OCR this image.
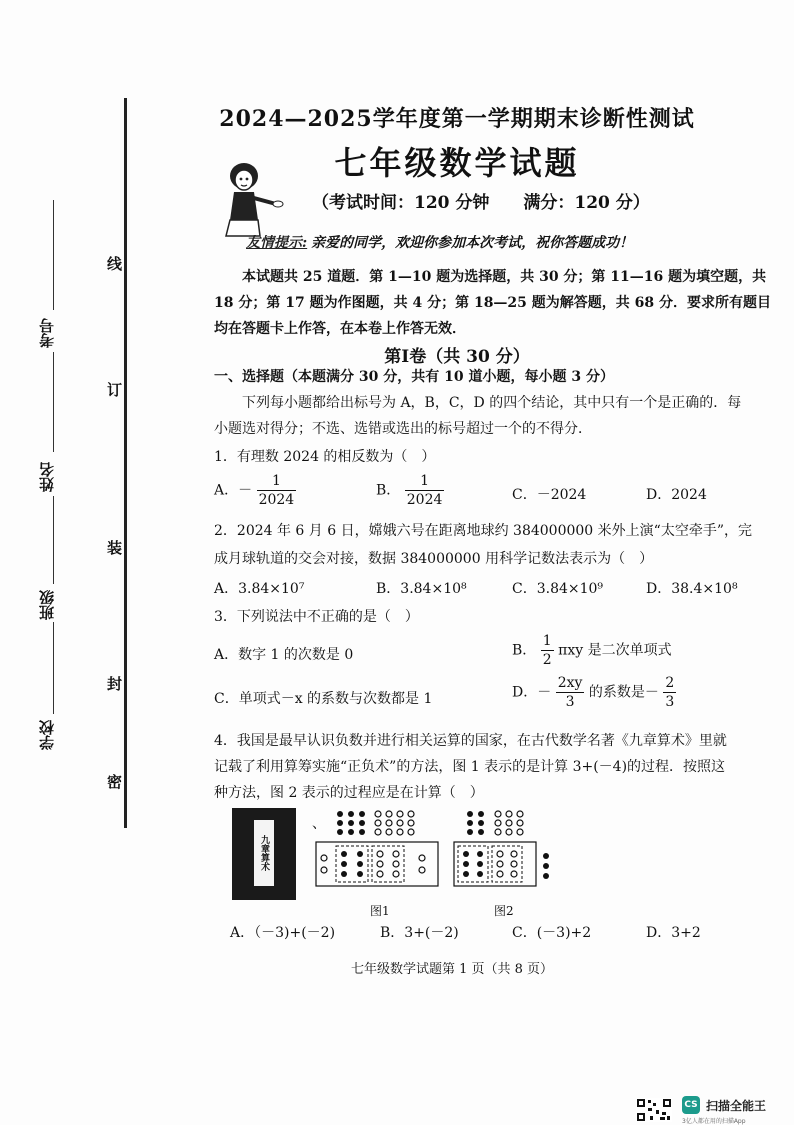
线
订
装
封
密
考号
姓名
班级
学校
2024—2025学年度第一学期期末诊断性测试
七年级数学试题
（考试时间：120 分钟　　满分：120 分）
友情提示: 亲爱的同学，欢迎你参加本次考试，祝你答题成功！
本试题共 25 道题．第 1—10 题为选择题，共 30 分；第 11—16 题为填空题，共
18 分；第 17 题为作图题，共 4 分；第 18—25 题为解答题，共 68 分．要求所有题目
均在答题卡上作答，在本卷上作答无效．
第Ⅰ卷（共 30 分）
一、选择题（本题满分 30 分，共有 10 道小题，每小题 3 分）
下列每小题都给出标号为 A，B，C，D 的四个结论，其中只有一个是正确的．每
小题选对得分；不选、选错或选出的标号超过一个的不得分．
1．有理数 2024 的相反数为（　）
A．－ $\frac{1}{2024}$	B． $\frac{1}{2024}$	C．－2024	D．2024
2．2024 年 6 月 6 日，嫦娥六号在距离地球约 384000000 米外上演“太空牵手”，完
成月球轨道的交会对接，数据 384000000 用科学记数法表示为（　）
A．3.84×10⁷	B．3.84×10⁸	C．3.84×10⁹	D．38.4×10⁸
3．下列说法中不正确的是（　）
A．数字 1 的次数是 0	B． $\frac{1}{2}$ πxy 是二次单项式
C．单项式－x 的系数与次数都是 1	D．－ $\frac{2xy}{3}$ 的系数是－ $\frac{2}{3}$
4．我国是最早认识负数并进行相关运算的国家，在古代数学名著《九章算术》里就
记载了利用算筹实施“正负术”的方法，图 1 表示的是计算 3+(－4)的过程．按照这
种方法，图 2 表示的过程应是在计算（　）
九章算术
、
图1	图2
A．（－3)+(－2)	B．3+(－2)	C．(－3)+2	D．3+2
七年级数学试题第 1 页（共 8 页）
CS 扫描全能王
3亿人都在用的扫描App
